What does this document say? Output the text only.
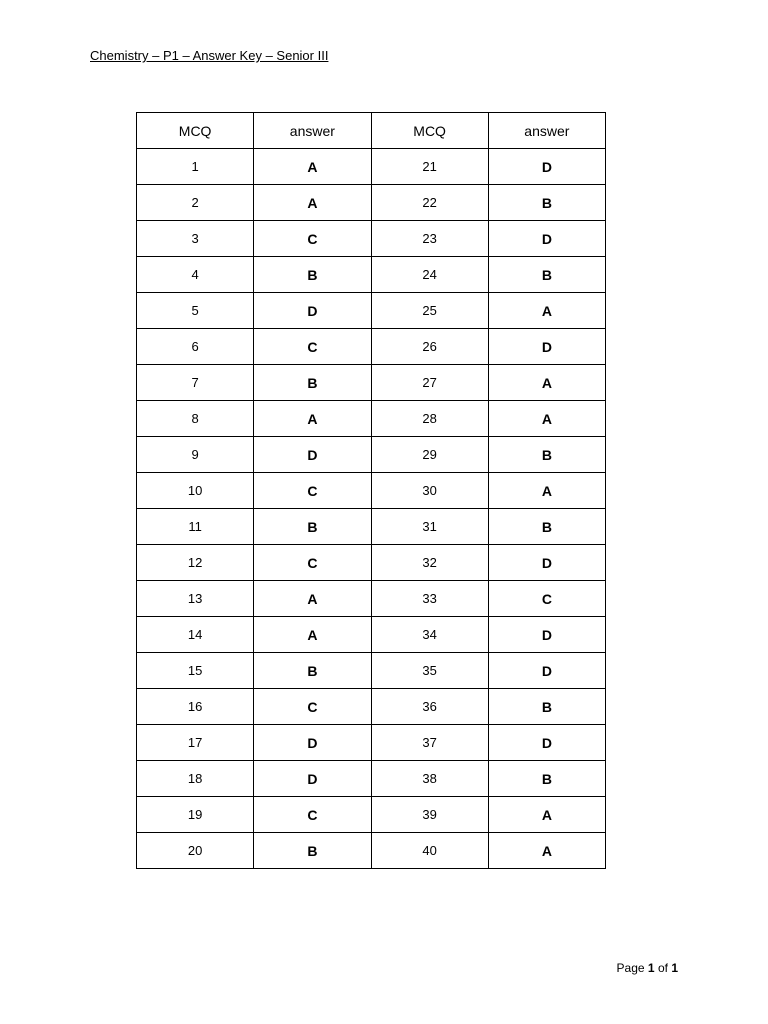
Chemistry – P1 – Answer Key – Senior III
MCQ	answer	MCQ	answer
1	A	21	D
2	A	22	B
3	C	23	D
4	B	24	B
5	D	25	A
6	C	26	D
7	B	27	A
8	A	28	A
9	D	29	B
10	C	30	A
11	B	31	B
12	C	32	D
13	A	33	C
14	A	34	D
15	B	35	D
16	C	36	B
17	D	37	D
18	D	38	B
19	C	39	A
20	B	40	A
Page 1 of 1
